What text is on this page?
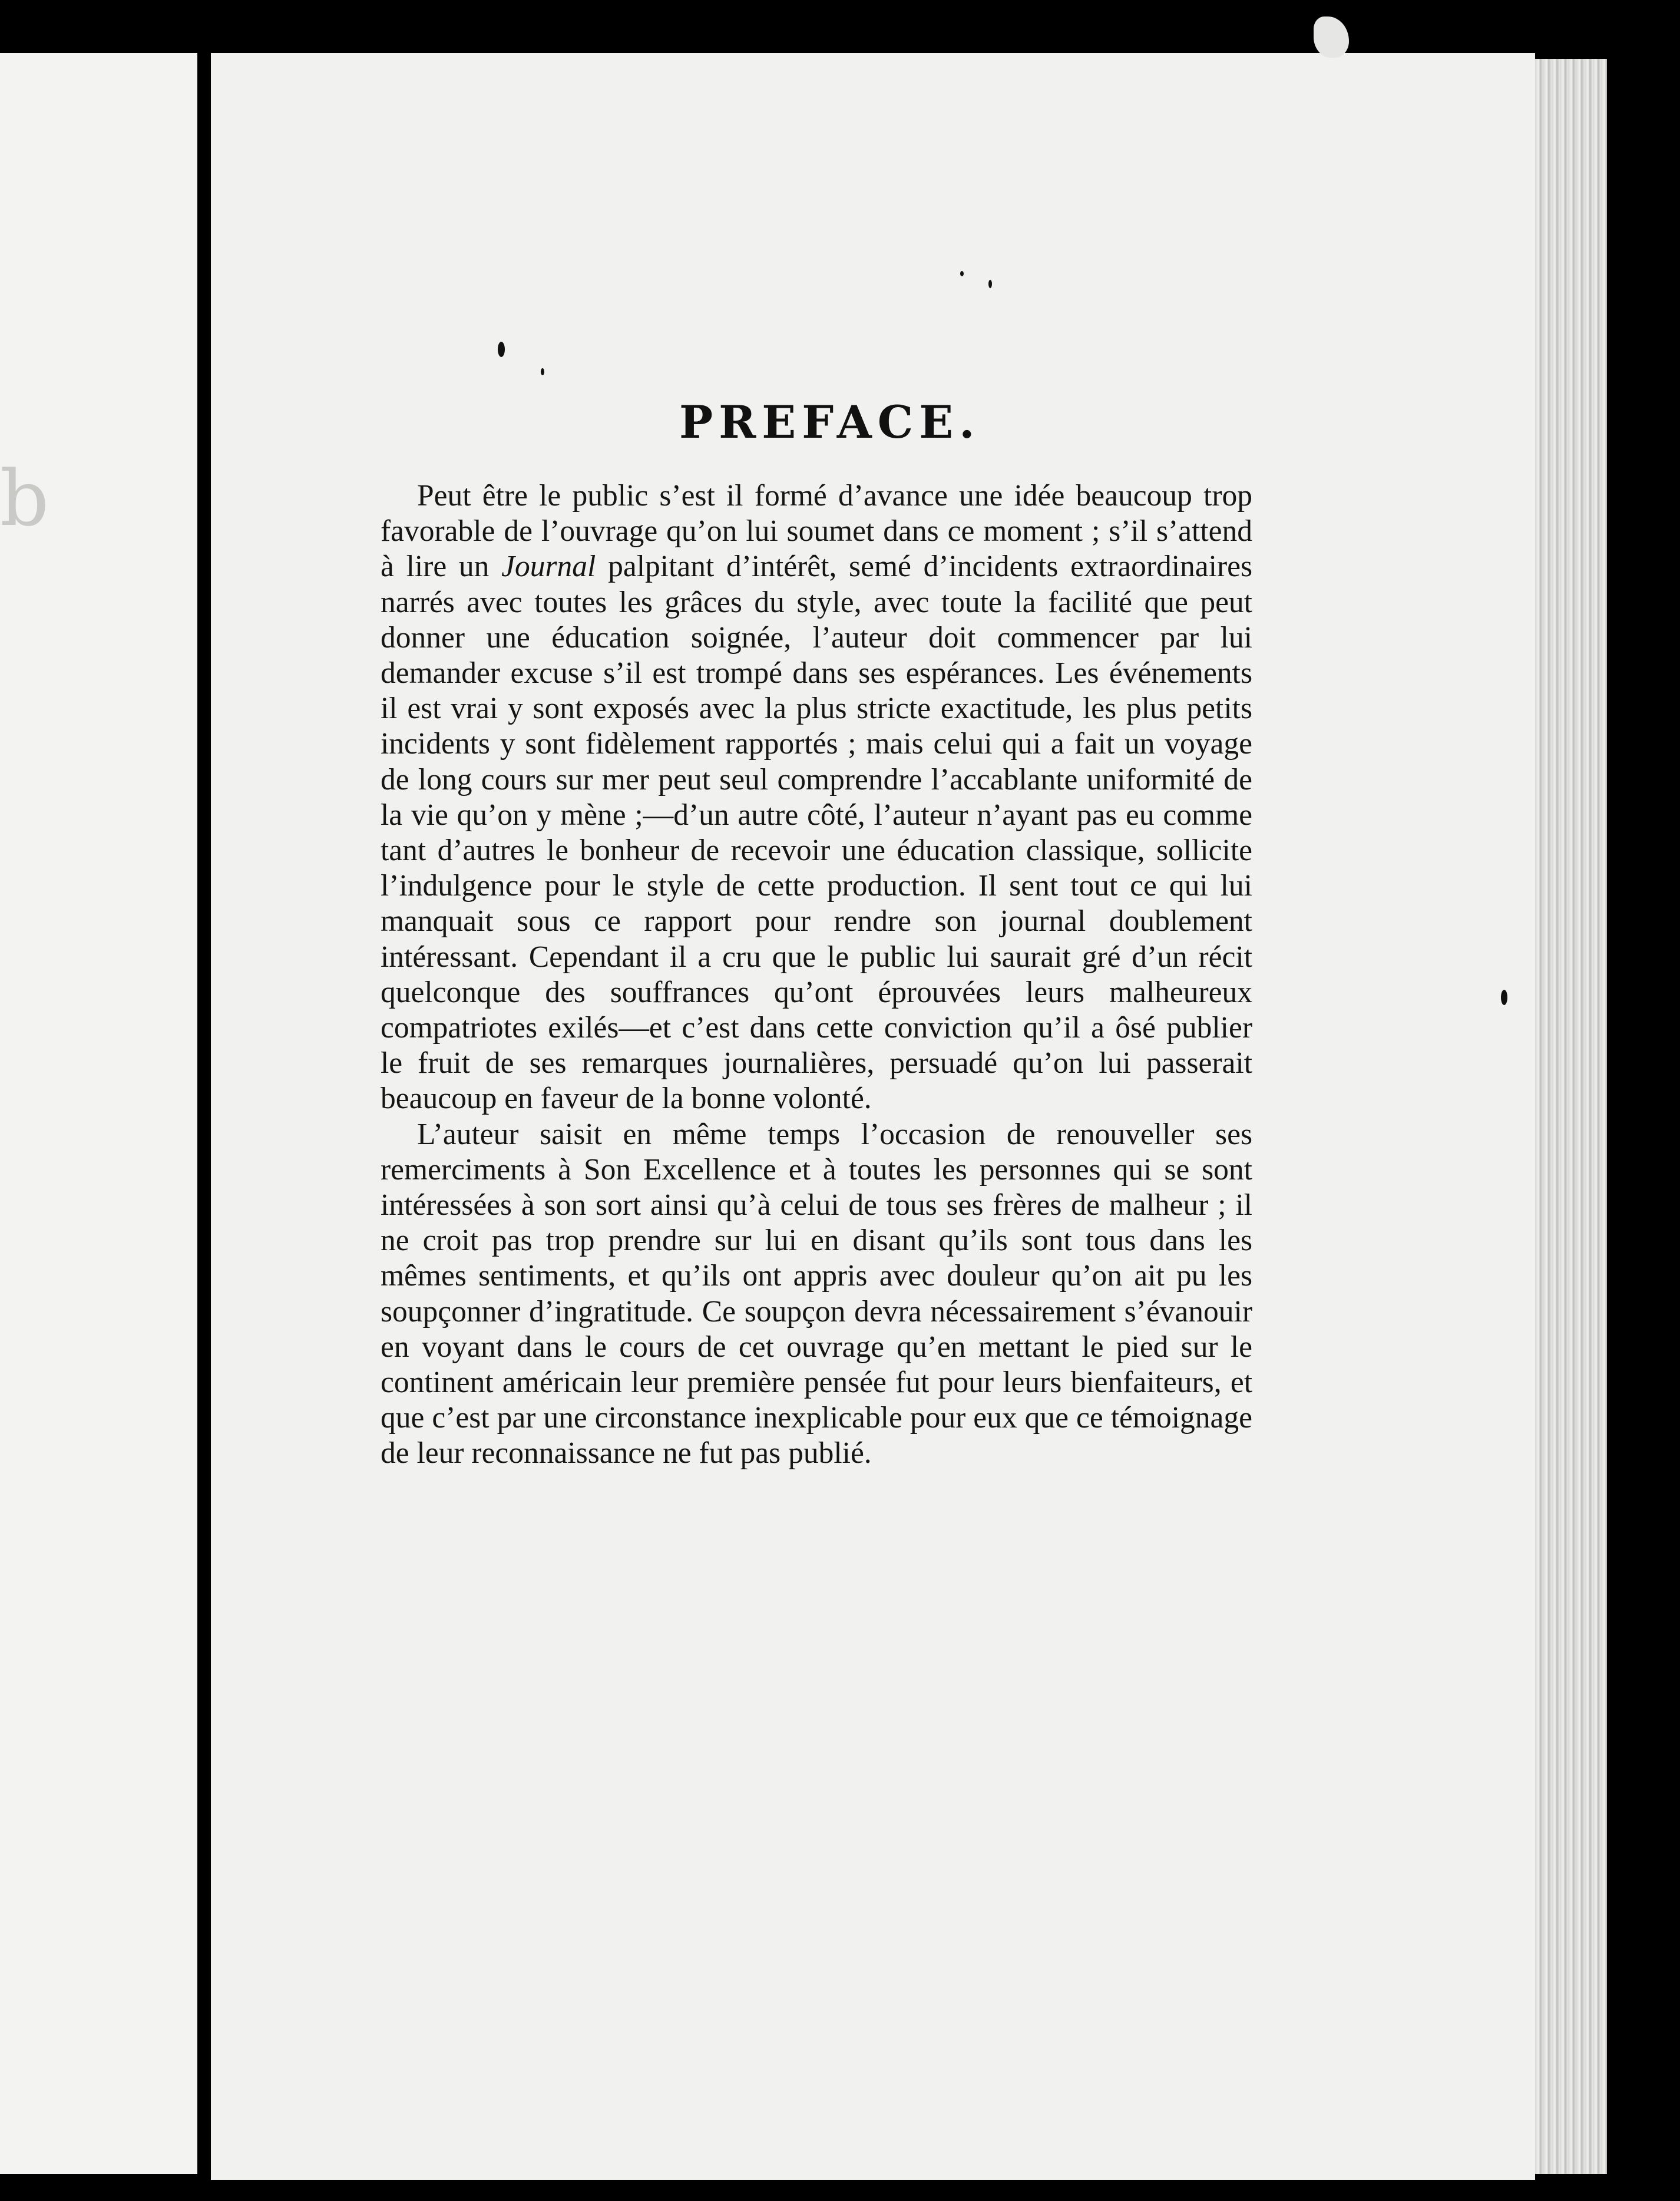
b
PREFACE.

Peut être le public s’est il formé d’avance une idée beaucoup trop favorable de l’ouvrage qu’on lui soumet dans ce moment ; s’il s’attend à lire un Journal palpitant d’intérêt, semé d’incidents extraordinaires narrés avec toutes les grâces du style, avec toute la facilité que peut donner une éducation soignée, l’auteur doit commencer par lui demander excuse s’il est trompé dans ses espérances. Les événements il est vrai y sont exposés avec la plus stricte exactitude, les plus petits incidents y sont fidèlement rapportés ; mais celui qui a fait un voyage de long cours sur mer peut seul comprendre l’accablante uniformité de la vie qu’on y mène ;—d’un autre côté, l’auteur n’ayant pas eu comme tant d’autres le bonheur de recevoir une éducation classique, sollicite l’indulgence pour le style de cette production. Il sent tout ce qui lui manquait sous ce rapport pour rendre son journal doublement intéressant. Cependant il a cru que le public lui saurait gré d’un récit quelconque des souffrances qu’ont éprouvées leurs malheureux compatriotes exilés—et c’est dans cette conviction qu’il a ôsé publier le fruit de ses remarques journalières, persuadé qu’on lui passerait beaucoup en faveur de la bonne volonté.

L’auteur saisit en même temps l’occasion de renouveller ses remerciments à Son Excellence et à toutes les personnes qui se sont intéressées à son sort ainsi qu’à celui de tous ses frères de malheur ; il ne croit pas trop prendre sur lui en disant qu’ils sont tous dans les mêmes sentiments, et qu’ils ont appris avec douleur qu’on ait pu les soupçonner d’ingratitude. Ce soupçon devra nécessairement s’évanouir en voyant dans le cours de cet ouvrage qu’en mettant le pied sur le continent américain leur première pensée fut pour leurs bienfaiteurs, et que c’est par une circonstance inexplicable pour eux que ce témoignage de leur reconnaissance ne fut pas publié.
